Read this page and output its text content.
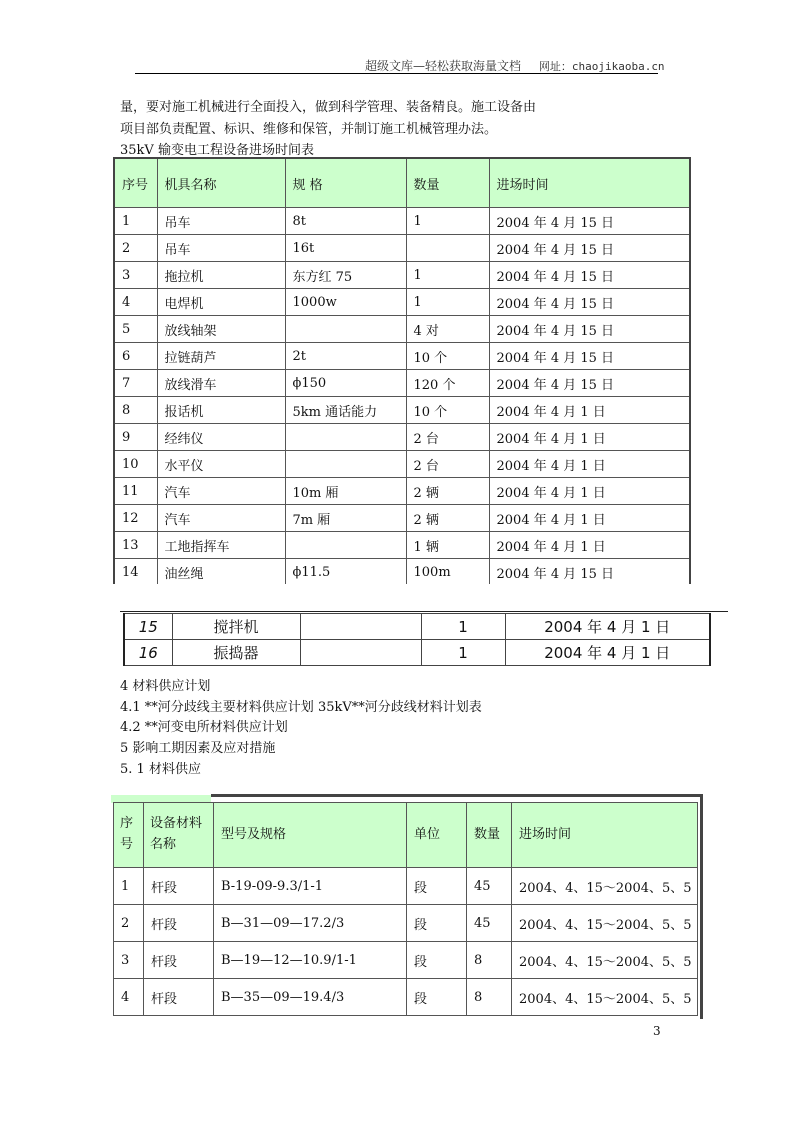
超级文库—轻松获取海量文档 网址：chaojikaoba.cn
量，要对施工机械进行全面投入，做到科学管理、装备精良。施工设备由
项目部负责配置、标识、维修和保管，并制订施工机械管理办法。
35kV 输变电工程设备进场时间表
序号	机具名称	规 格	数量	进场时间
1	吊车	8t	1	2004 年 4 月 15 日
2	吊车	16t		2004 年 4 月 15 日
3	拖拉机	东方红 75	1	2004 年 4 月 15 日
4	电焊机	1000w	1	2004 年 4 月 15 日
5	放线轴架		4 对	2004 年 4 月 15 日
6	拉链葫芦	2t	10 个	2004 年 4 月 15 日
7	放线滑车	ϕ150	120 个	2004 年 4 月 15 日
8	报话机	5km 通话能力	10 个	2004 年 4 月 1 日
9	经纬仪		2 台	2004 年 4 月 1 日
10	水平仪		2 台	2004 年 4 月 1 日
11	汽车	10m 厢	2 辆	2004 年 4 月 1 日
12	汽车	7m 厢	2 辆	2004 年 4 月 1 日
13	工地指挥车		1 辆	2004 年 4 月 1 日
14	油丝绳	ϕ11.5	100m	2004 年 4 月 15 日
15	搅拌机		1	2004 年 4 月 1 日
16	振捣器		1	2004 年 4 月 1 日
4 材料供应计划
4.1 **河分歧线主要材料供应计划 35kV**河分歧线材料计划表
4.2 **河变电所材料供应计划
5 影响工期因素及应对措施
5. 1 材料供应
序号	设备材料名称	型号及规格	单位	数量	进场时间
1	杆段	B-19-09-9.3/1-1	段	45	2004、4、15～2004、5、5
2	杆段	B—31—09—17.2/3	段	45	2004、4、15～2004、5、5
3	杆段	B—19—12—10.9/1-1	段	8	2004、4、15～2004、5、5
4	杆段	B—35—09—19.4/3	段	8	2004、4、15～2004、5、5
3
